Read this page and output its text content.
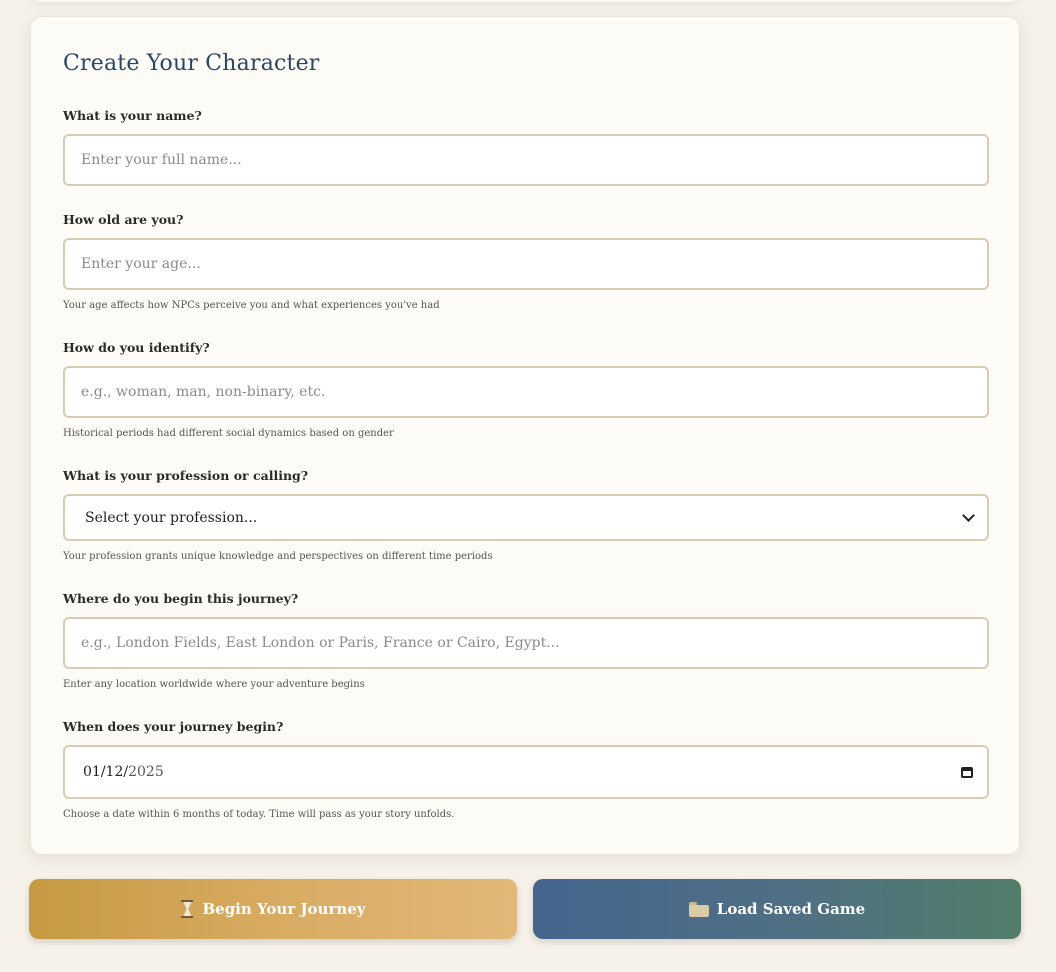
Create Your Character
What is your name?
Enter your full name...
How old are you?
Enter your age...
Your age affects how NPCs perceive you and what experiences you've had
How do you identify?
e.g., woman, man, non-binary, etc.
Historical periods had different social dynamics based on gender
What is your profession or calling?
Select your profession...
Your profession grants unique knowledge and perspectives on different time periods
Where do you begin this journey?
e.g., London Fields, East London or Paris, France or Cairo, Egypt...
Enter any location worldwide where your adventure begins
When does your journey begin?
01/12/2025
Choose a date within 6 months of today. Time will pass as your story unfolds.
Begin Your Journey	Load Saved Game
